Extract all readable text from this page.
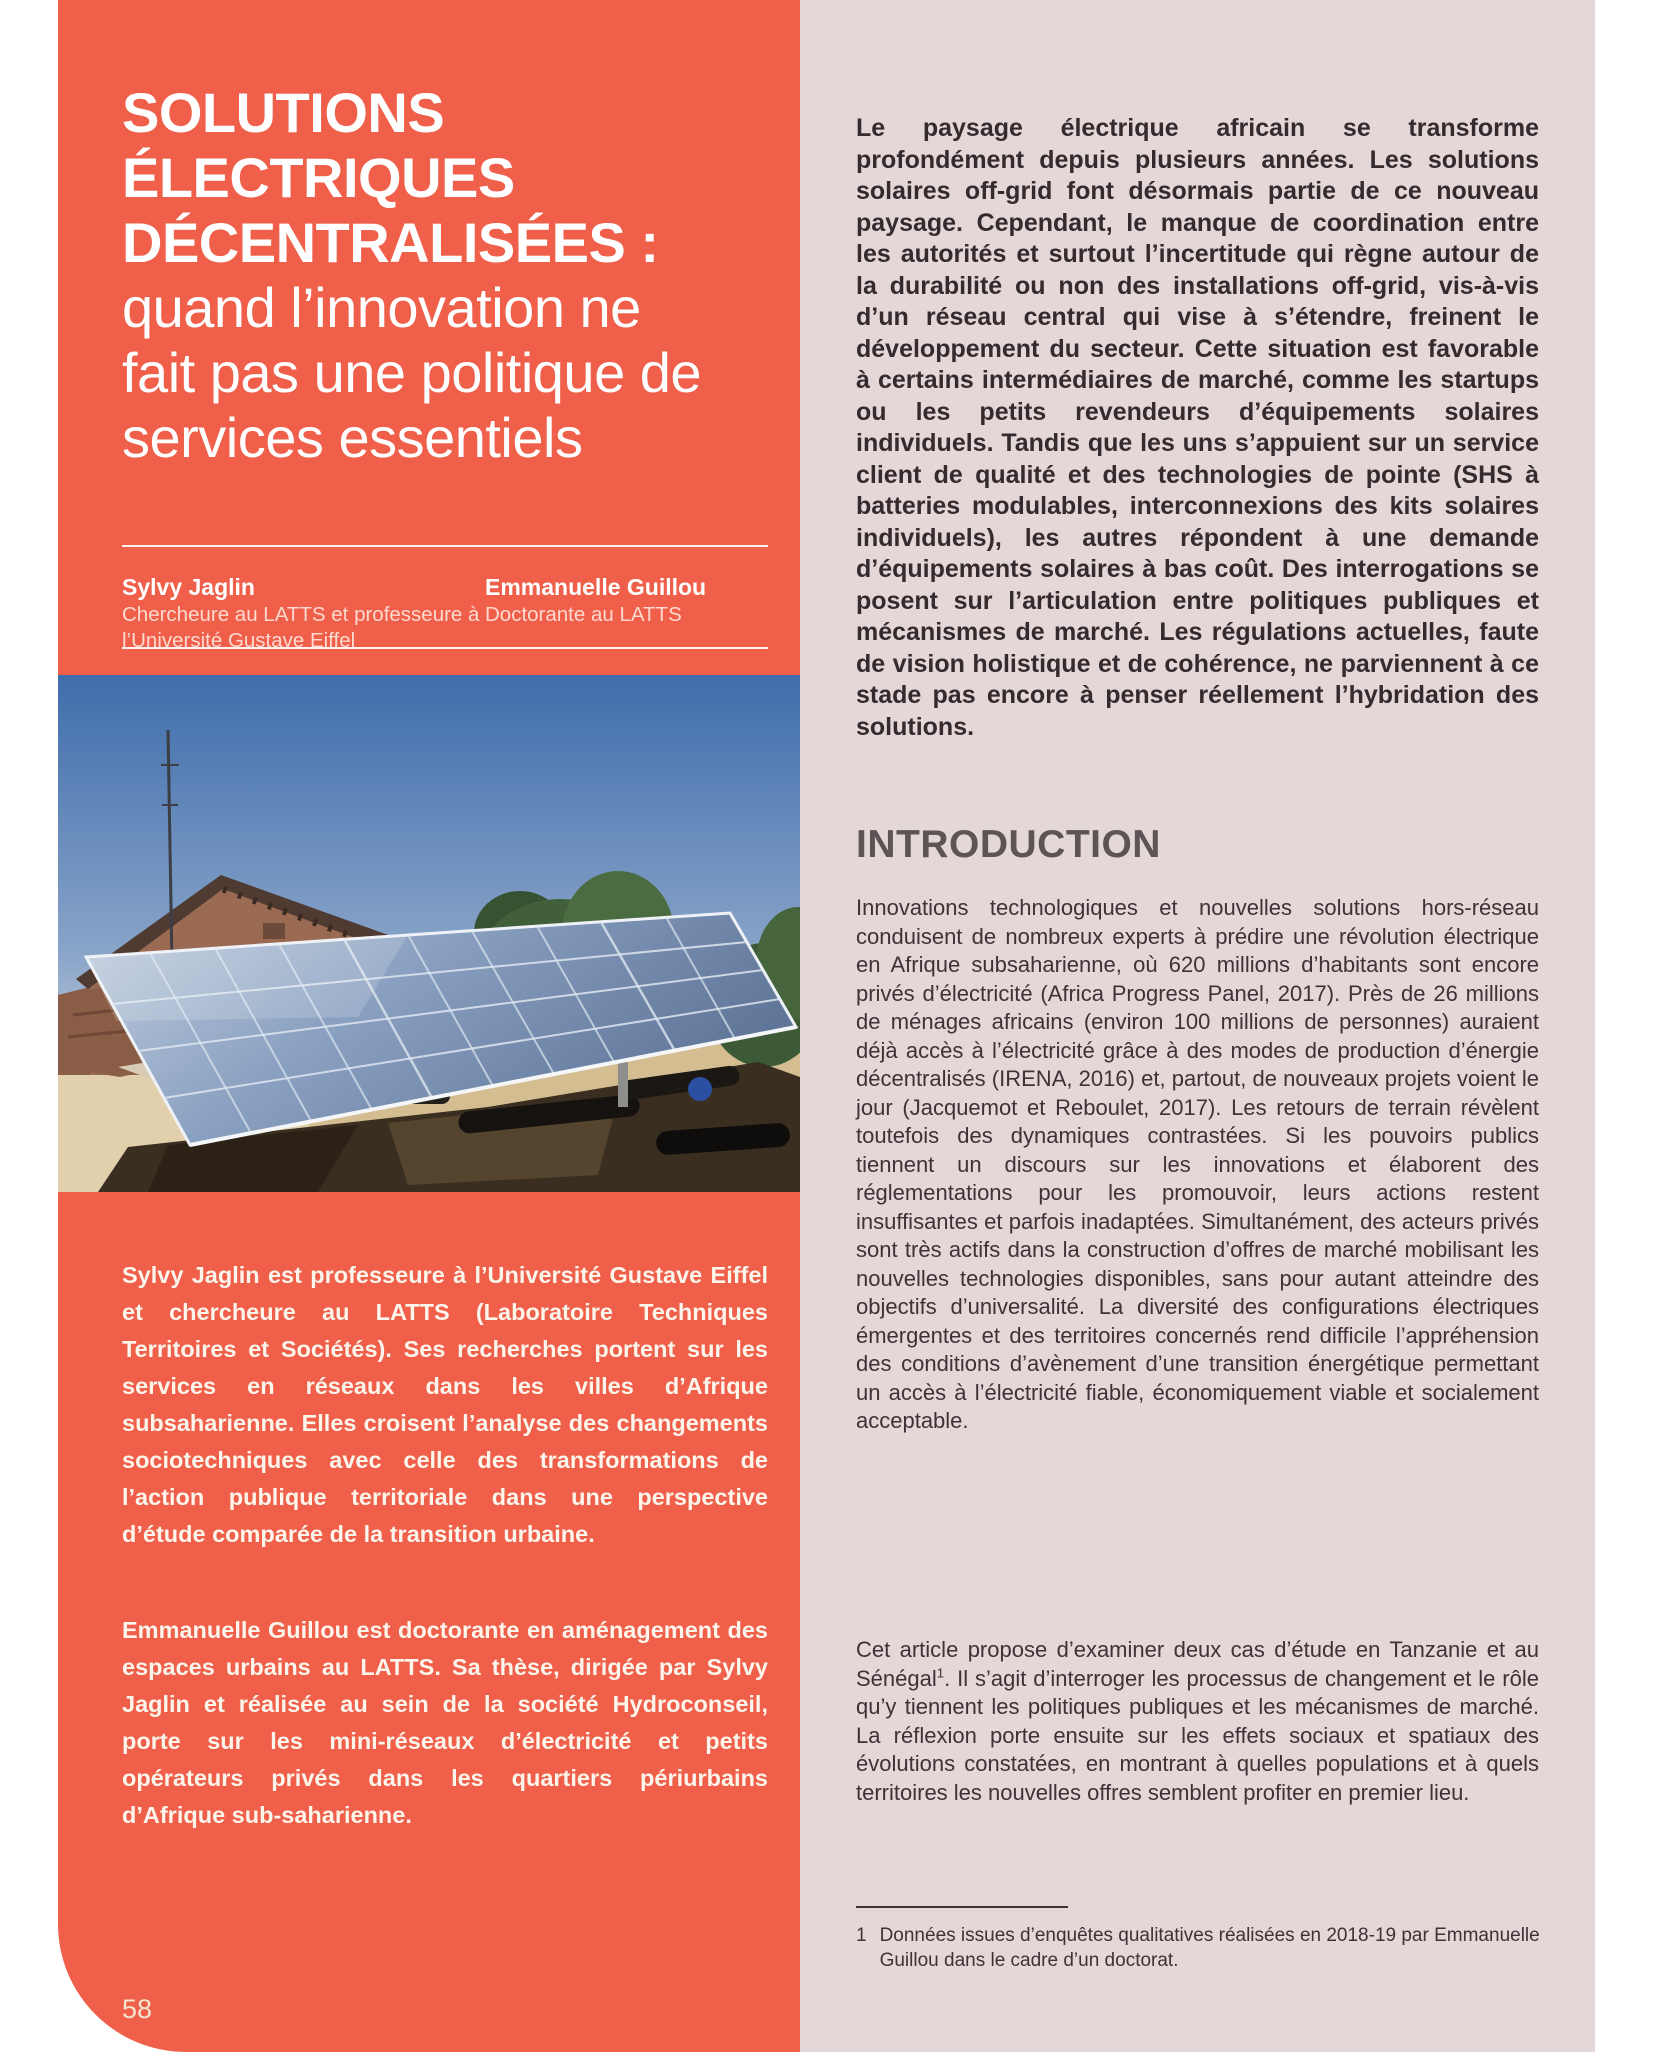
SOLUTIONS ÉLECTRIQUES DÉCENTRALISÉES :
quand l’innovation ne fait pas une politique de services essentiels
Sylvy Jaglin
Chercheure au LATTS et professeure à l’Université Gustave Eiffel
Emmanuelle Guillou
Doctorante au LATTS

Sylvy Jaglin est professeure à l’Université Gustave Eiffel et chercheure au LATTS (Laboratoire Techniques Territoires et Sociétés). Ses recherches portent sur les services en réseaux dans les villes d’Afrique subsaharienne. Elles croisent l’analyse des changements sociotechniques avec celle des transformations de l’action publique territoriale dans une perspective d’étude comparée de la transition urbaine.

Emmanuelle Guillou est doctorante en aménagement des espaces urbains au LATTS. Sa thèse, dirigée par Sylvy Jaglin et réalisée au sein de la société Hydroconseil, porte sur les mini-réseaux d’électricité et petits opérateurs privés dans les quartiers périurbains d’Afrique sub-saharienne.

58

Le paysage électrique africain se transforme profondément depuis plusieurs années. Les solutions solaires off-grid font désormais partie de ce nouveau paysage. Cependant, le manque de coordination entre les autorités et surtout l’incertitude qui règne autour de la durabilité ou non des installations off-grid, vis-à-vis d’un réseau central qui vise à s’étendre, freinent le développement du secteur. Cette situation est favorable à certains intermédiaires de marché, comme les startups ou les petits revendeurs d’équipements solaires individuels. Tandis que les uns s’appuient sur un service client de qualité et des technologies de pointe (SHS à batteries modulables, interconnexions des kits solaires individuels), les autres répondent à une demande d’équipements solaires à bas coût. Des interrogations se posent sur l’articulation entre politiques publiques et mécanismes de marché. Les régulations actuelles, faute de vision holistique et de cohérence, ne parviennent à ce stade pas encore à penser réellement l’hybridation des solutions.

INTRODUCTION

Innovations technologiques et nouvelles solutions hors-réseau conduisent de nombreux experts à prédire une révolution électrique en Afrique subsaharienne, où 620 millions d’habitants sont encore privés d’électricité (Africa Progress Panel, 2017). Près de 26 millions de ménages africains (environ 100 millions de personnes) auraient déjà accès à l’électricité grâce à des modes de production d’énergie décentralisés (IRENA, 2016) et, partout, de nouveaux projets voient le jour (Jacquemot et Reboulet, 2017). Les retours de terrain révèlent toutefois des dynamiques contrastées. Si les pouvoirs publics tiennent un discours sur les innovations et élaborent des réglementations pour les promouvoir, leurs actions restent insuffisantes et parfois inadaptées. Simultanément, des acteurs privés sont très actifs dans la construction d’offres de marché mobilisant les nouvelles technologies disponibles, sans pour autant atteindre des objectifs d’universalité. La diversité des configurations électriques émergentes et des territoires concernés rend difficile l’appréhension des conditions d’avènement d’une transition énergétique permettant un accès à l’électricité fiable, économiquement viable et socialement acceptable.

Cet article propose d’examiner deux cas d’étude en Tanzanie et au Sénégal$^1$. Il s’agit d’interroger les processus de changement et le rôle qu’y tiennent les politiques publiques et les mécanismes de marché. La réflexion porte ensuite sur les effets sociaux et spatiaux des évolutions constatées, en montrant à quelles populations et à quels territoires les nouvelles offres semblent profiter en premier lieu.

1 Données issues d’enquêtes qualitatives réalisées en 2018-19 par Emmanuelle Guillou dans le cadre d’un doctorat.
